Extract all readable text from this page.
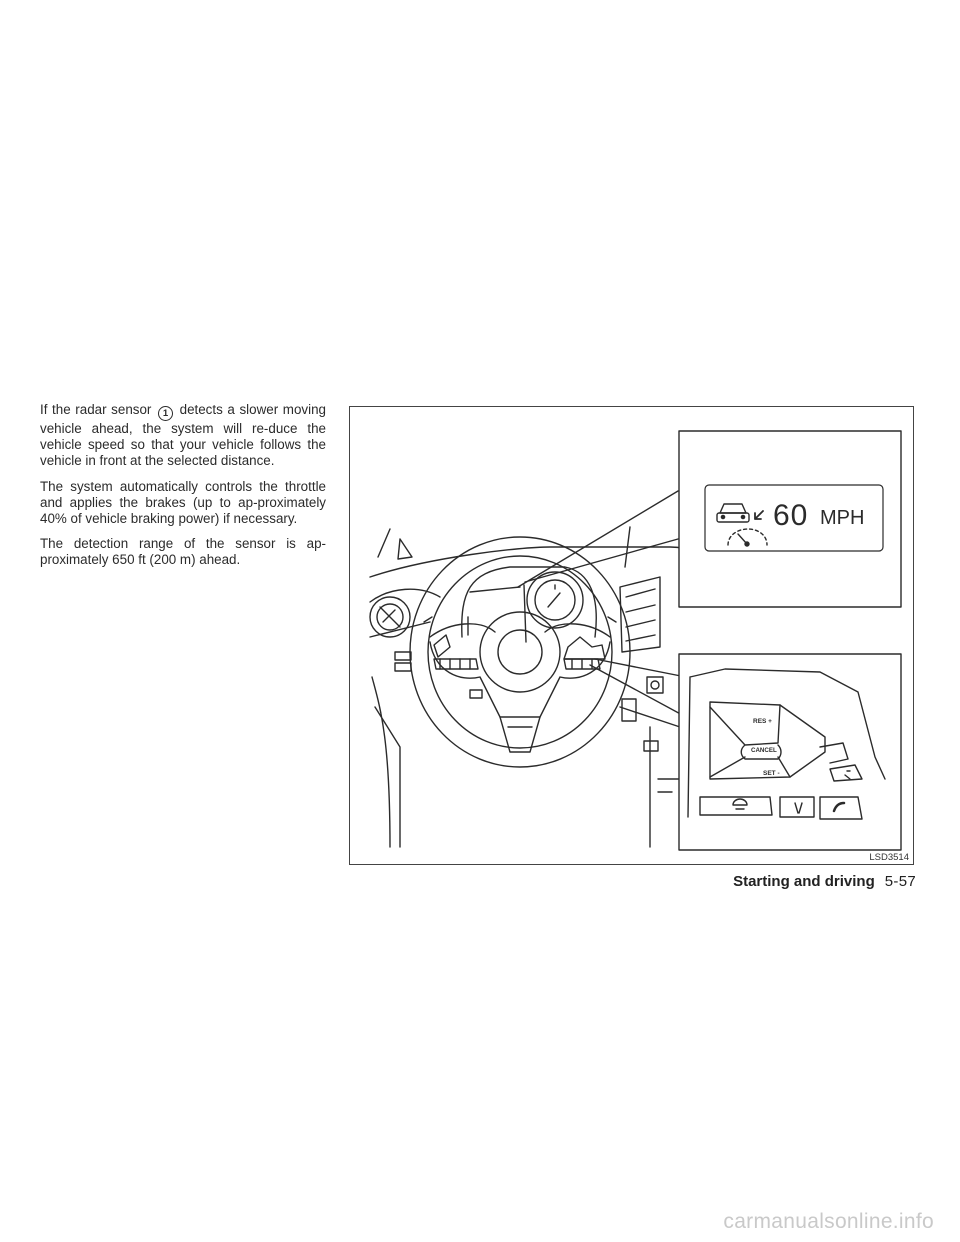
If the radar sensor 1 detects a slower moving vehicle ahead, the system will re-duce the vehicle speed so that your vehicle follows the vehicle in front at the selected distance.

The system automatically controls the throttle and applies the brakes (up to ap-proximately 40% of vehicle braking power) if necessary.

The detection range of the sensor is ap-proximately 650 ft (200 m) ahead.

60 MPH
RES +
CANCEL
SET -
LSD3514
Starting and driving 5-57
carmanualsonline.info
